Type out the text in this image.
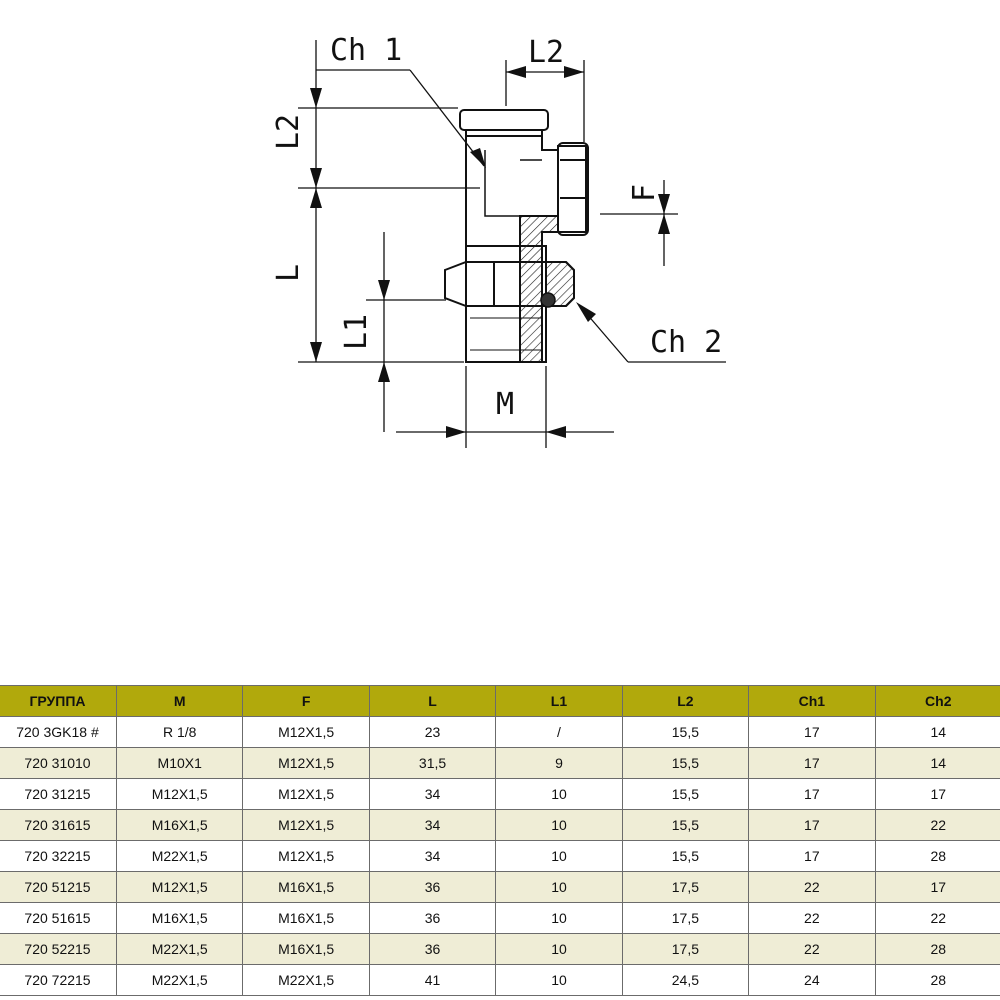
Ch 1	L2
L2
L
L1
F
M
Ch 2
ГРУППА	M	F	L	L1	L2	Ch1	Ch2
720 3GK18 #	R 1/8	M12X1,5	23	/	15,5	17	14
720 31010	M10X1	M12X1,5	31,5	9	15,5	17	14
720 31215	M12X1,5	M12X1,5	34	10	15,5	17	17
720 31615	M16X1,5	M12X1,5	34	10	15,5	17	22
720 32215	M22X1,5	M12X1,5	34	10	15,5	17	28
720 51215	M12X1,5	M16X1,5	36	10	17,5	22	17
720 51615	M16X1,5	M16X1,5	36	10	17,5	22	22
720 52215	M22X1,5	M16X1,5	36	10	17,5	22	28
720 72215	M22X1,5	M22X1,5	41	10	24,5	24	28
